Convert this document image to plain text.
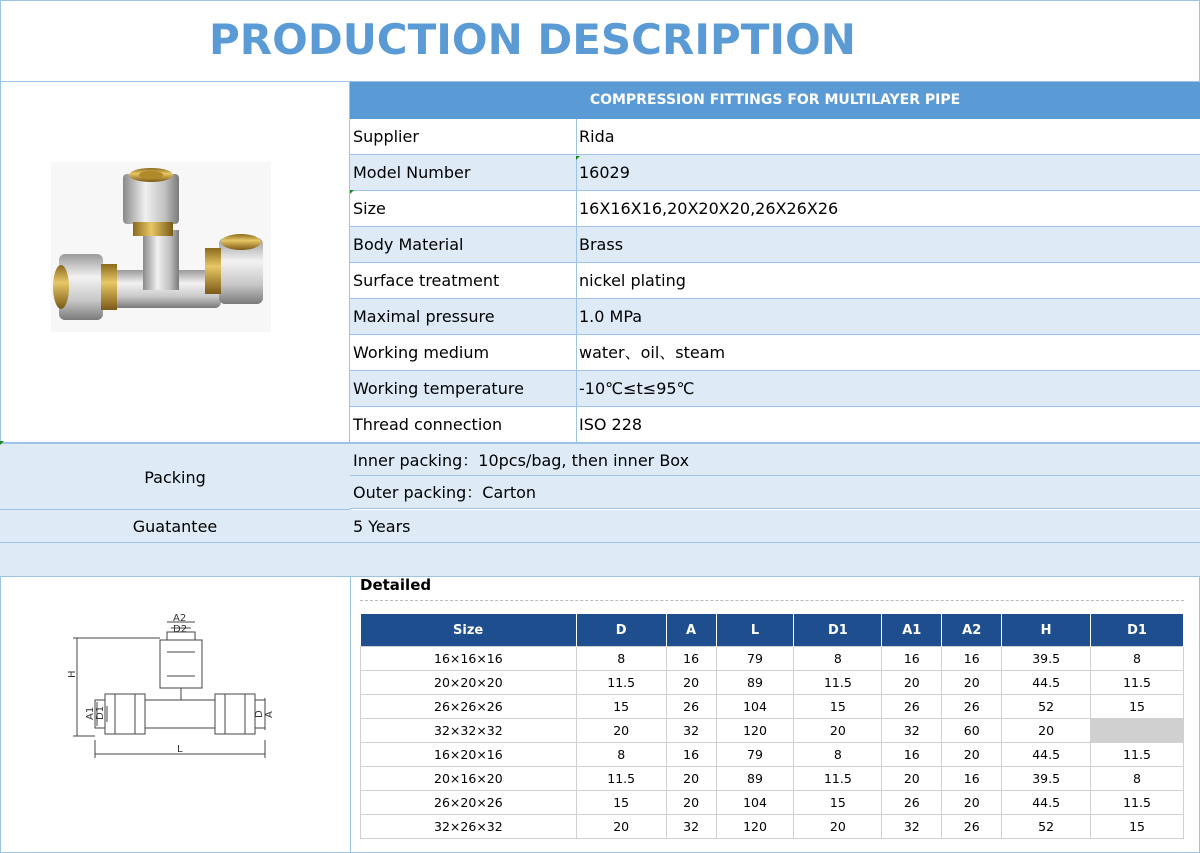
PRODUCTION DESCRIPTION
COMPRESSION FITTINGS FOR MULTILAYER PIPE
Supplier	Rida
Model Number	16029
Size	16X16X16,20X20X20,26X26X26
Body Material	Brass
Surface treatment	nickel plating
Maximal pressure	1.0 MPa
Working medium	water、oil、steam
Working temperature	-10℃≤t≤95℃
Thread connection	ISO 228
Packing
Inner packing：10pcs/bag, then inner Box
Outer packing：Carton
Guatantee	5 Years
A2
D2
H
A1 D1	D A
L
Detailed
Size	D	A	L	D1	A1	A2	H	D1
16×16×16	8	16	79	8	16	16	39.5	8
20×20×20	11.5	20	89	11.5	20	20	44.5	11.5
26×26×26	15	26	104	15	26	26	52	15
32×32×32	20	32	120	20	32	60	20	
16×20×16	8	16	79	8	16	20	44.5	11.5
20×16×20	11.5	20	89	11.5	20	16	39.5	8
26×20×26	15	20	104	15	26	20	44.5	11.5
32×26×32	20	32	120	20	32	26	52	15
